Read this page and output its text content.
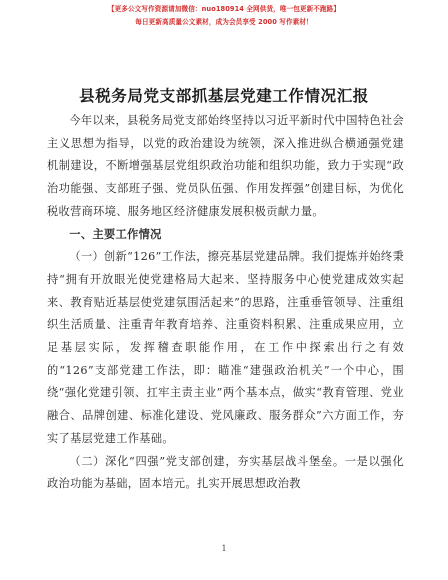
【更多公文写作资源请加微信：nuo180914 全网供货，唯一包更新不跑路】
每日更新高质量公文素材，成为会员享受 2000 写作素材！
县税务局党支部抓基层党建工作情况汇报

今年以来，县税务局党支部始终坚持以习近平新时代中国特色社会主义思想为指导，以党的政治建设为统领，深入推进纵合横通强党建机制建设，不断增强基层党组织政治功能和组织功能，致力于实现“政治功能强、支部班子强、党员队伍强、作用发挥强”创建目标，为优化税收营商环境、服务地区经济健康发展积极贡献力量。

一、主要工作情况

（一）创新“126”工作法，擦亮基层党建品牌。我们提炼并始终秉持“拥有开放眼光使党建格局大起来、坚持服务中心使党建成效实起来、教育贴近基层使党建氛围活起来”的思路，注重垂管领导、注重组织生活质量、注重青年教育培养、注重资料积累、注重成果应用，立足基层实际，发挥稽查职能作用，在工作中探索出行之有效的“126”支部党建工作法，即：瞄准“建强政治机关”一个中心，围绕“强化党建引领、扛牢主责主业”两个基本点，做实“教育管理、党业融合、品牌创建、标准化建设、党风廉政、服务群众”六方面工作，夯实了基层党建工作基础。

（二）深化“四强”党支部创建，夯实基层战斗堡垒。一是以强化政治功能为基础，固本培元。扎实开展思想政治教

1
